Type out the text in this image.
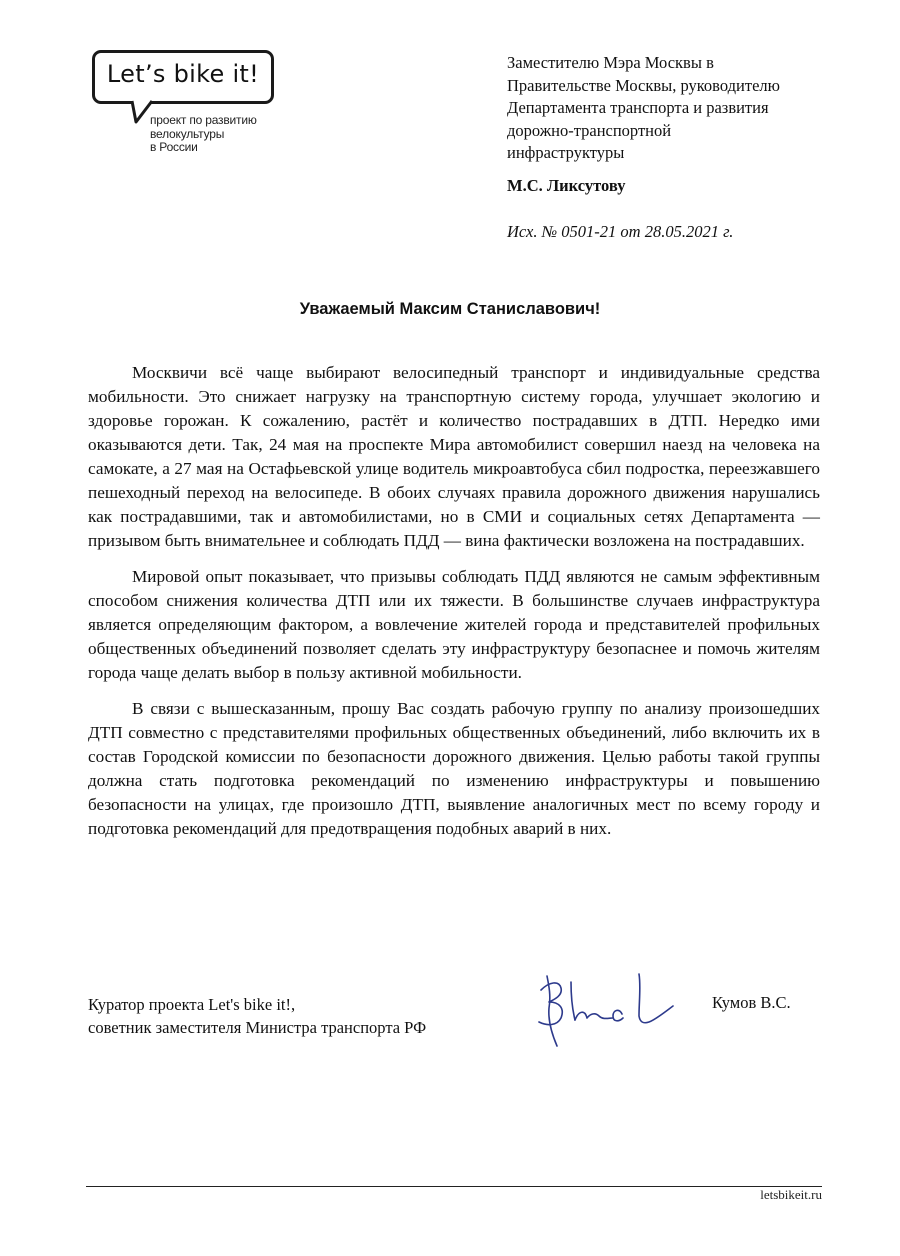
Let’s bike it!
проект по развитию
велокультуры
в России
Заместителю Мэра Москвы в
Правительстве Москвы, руководителю
Департамента транспорта и развития
дорожно-транспортной
инфраструктуры
М.С. Ликсутову
Исх. № 0501-21 от 28.05.2021 г.
Уважаемый Максим Станиславович!

Москвичи всё чаще выбирают велосипедный транспорт и индивидуальные средства мобильности. Это снижает нагрузку на транспортную систему города, улучшает экологию и здоровье горожан. К сожалению, растёт и количество пострадавших в ДТП. Нередко ими оказываются дети. Так, 24 мая на проспекте Мира автомобилист совершил наезд на человека на самокате, а 27 мая на Остафьевской улице водитель микроавтобуса сбил подростка, переезжавшего пешеходный переход на велосипеде. В обоих случаях правила дорожного движения нарушались как пострадавшими, так и автомобилистами, но в СМИ и социальных сетях Департамента — призывом быть внимательнее и соблюдать ПДД — вина фактически возложена на пострадавших.

Мировой опыт показывает, что призывы соблюдать ПДД являются не самым эффективным способом снижения количества ДТП или их тяжести. В большинстве случаев инфраструктура является определяющим фактором, а вовлечение жителей города и представителей профильных общественных объединений позволяет сделать эту инфраструктуру безопаснее и помочь жителям города чаще делать выбор в пользу активной мобильности.

В связи с вышесказанным, прошу Вас создать рабочую группу по анализу произошедших ДТП совместно с представителями профильных общественных объединений, либо включить их в состав Городской комиссии по безопасности дорожного движения. Целью работы такой группы должна стать подготовка рекомендаций по изменению инфраструктуры и повышению безопасности на улицах, где произошло ДТП, выявление аналогичных мест по всему городу и подготовка рекомендаций для предотвращения подобных аварий в них.

Куратор проекта Let's bike it!,
советник заместителя Министра транспорта РФ
Кумов В.С.
letsbikeit.ru
